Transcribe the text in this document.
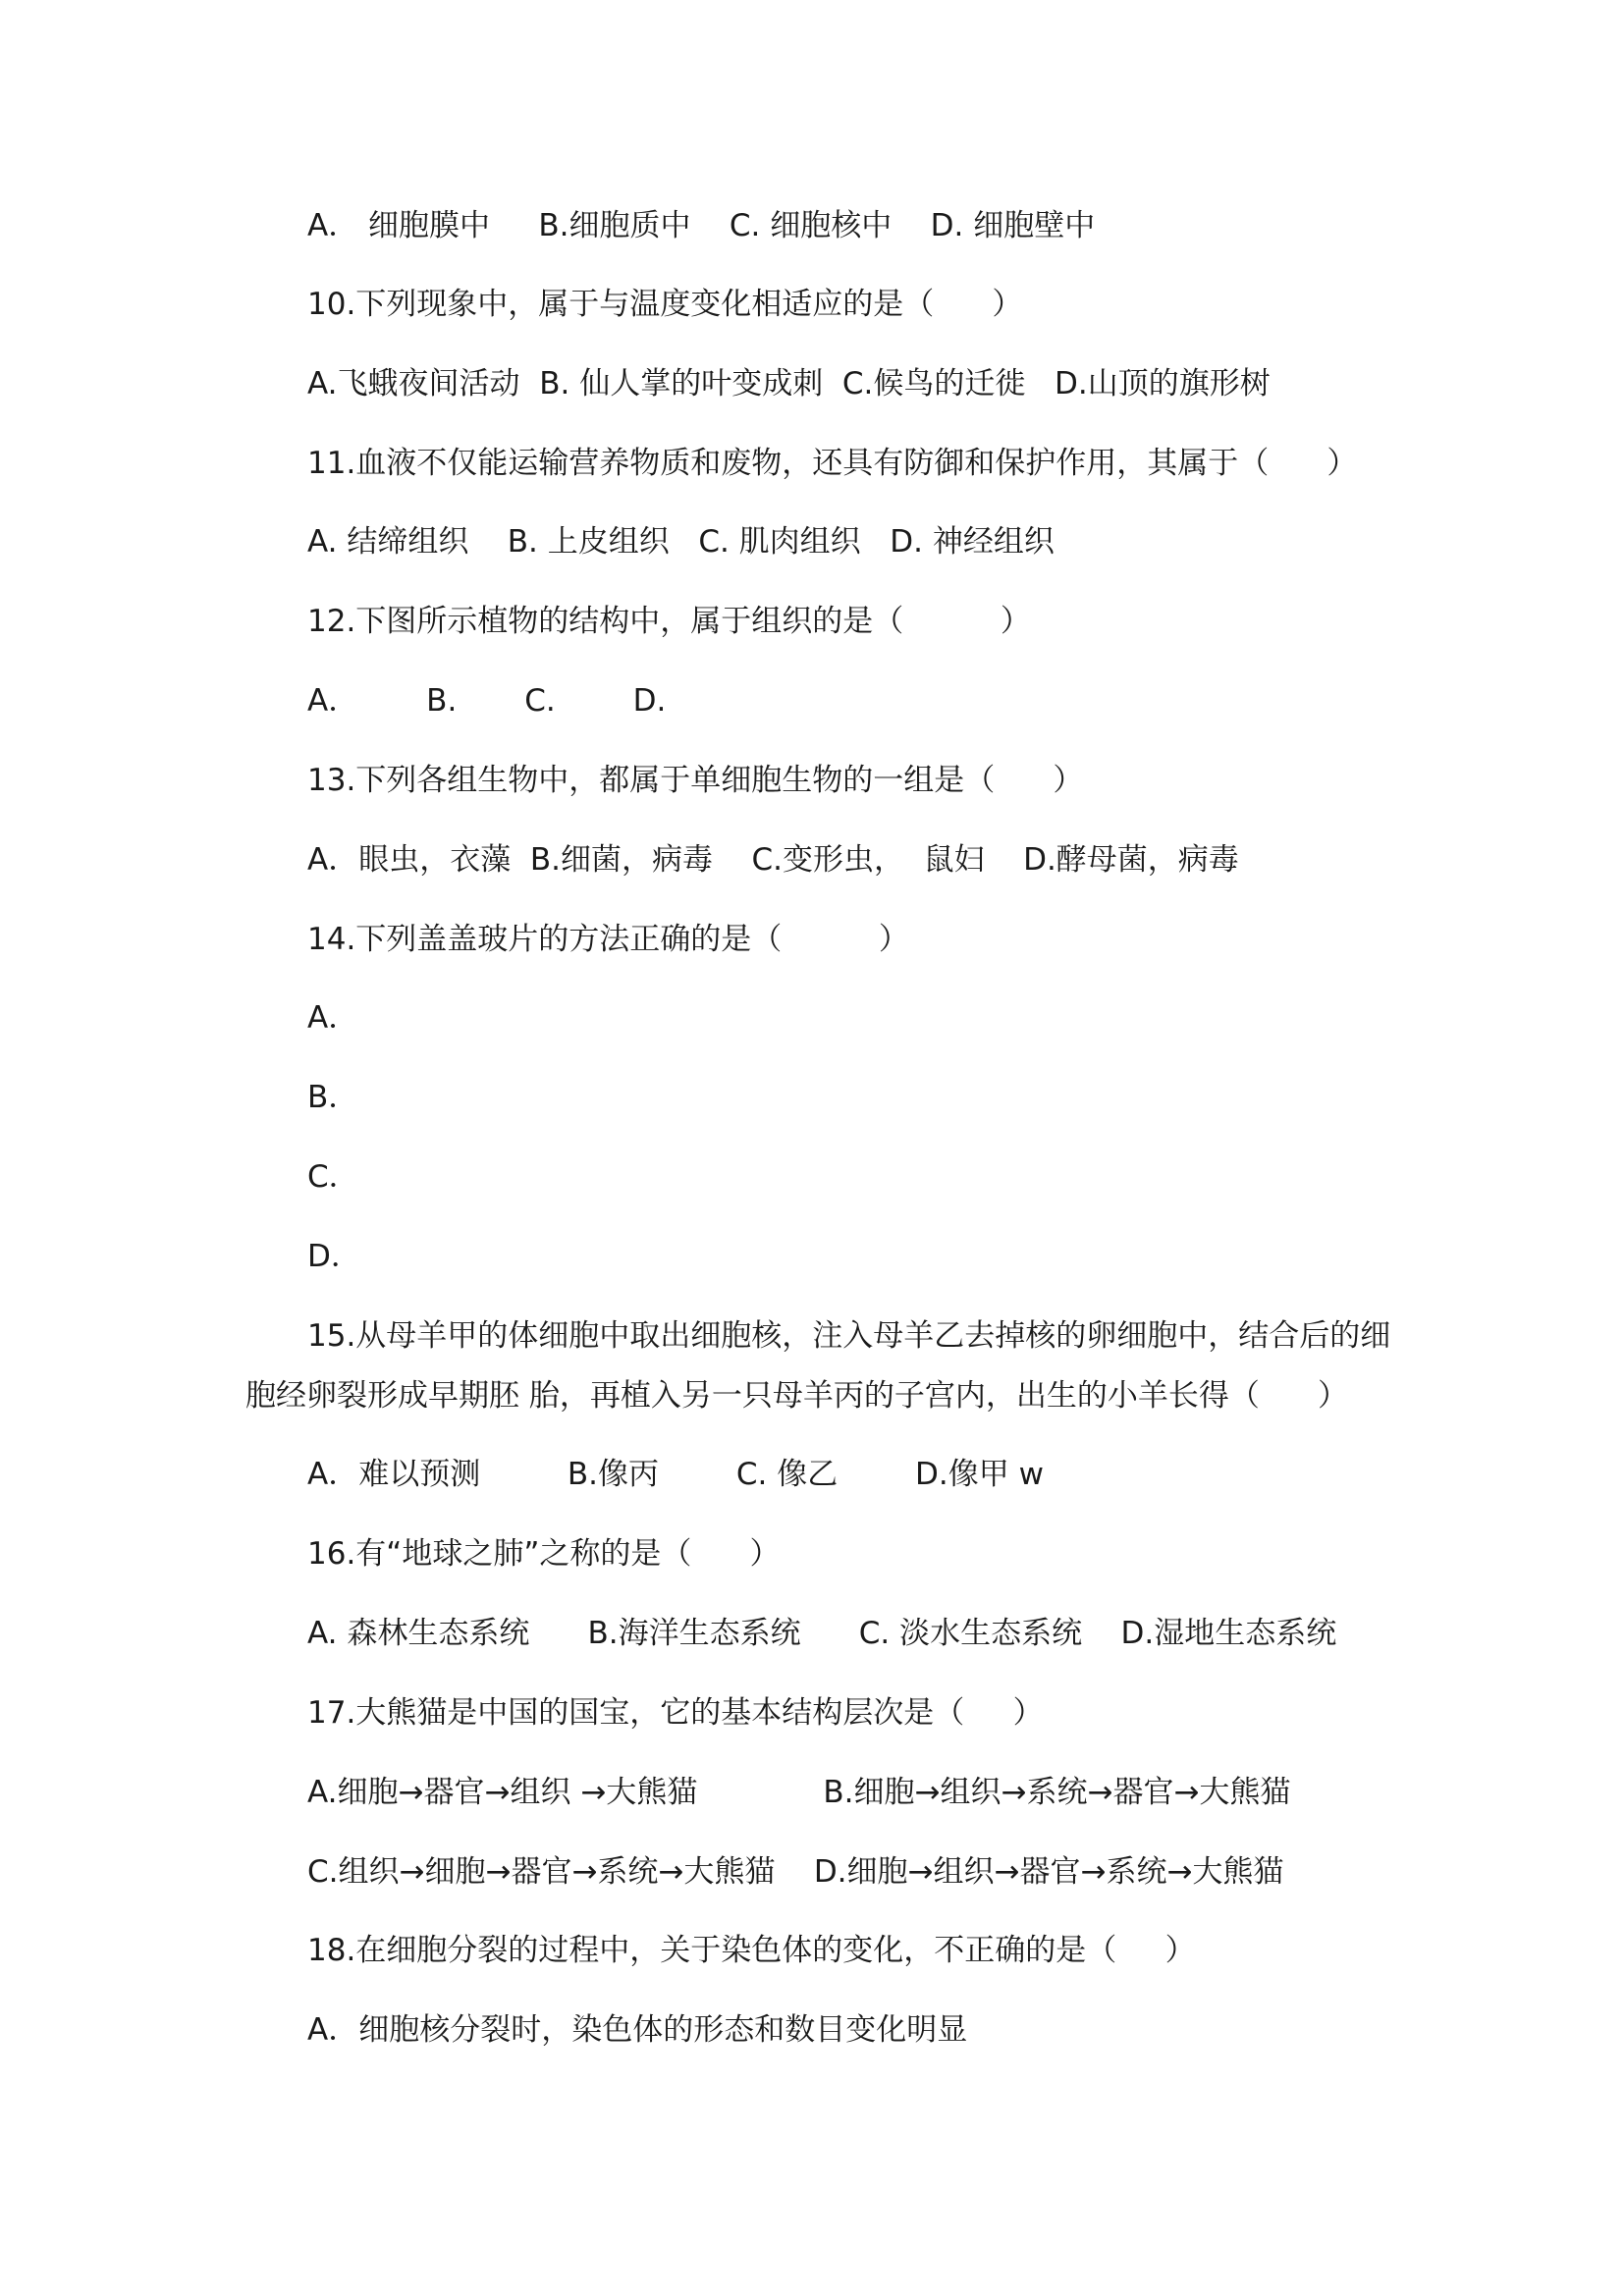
A． 细胞膜中     B.细胞质中    C. 细胞核中    D. 细胞壁中
10.下列现象中，属于与温度变化相适应的是（      ）
A.飞蛾夜间活动  B. 仙人掌的叶变成刺  C.候鸟的迁徙   D.山顶的旗形树
11.血液不仅能运输营养物质和废物，还具有防御和保护作用，其属于（      ）
A. 结缔组织    B. 上皮组织   C. 肌肉组织   D. 神经组织
12.下图所示植物的结构中，属于组织的是（          ）
A．       B.       C.        D.
13.下列各组生物中，都属于单细胞生物的一组是（      ）
A．眼虫，衣藻  B.细菌，病毒    C.变形虫，  鼠妇    D.酵母菌，病毒
14.下列盖盖玻片的方法正确的是（          ）
A．
B．
C．
D．
15.从母羊甲的体细胞中取出细胞核，注入母羊乙去掉核的卵细胞中，结合后的细
胞经卵裂形成早期胚 胎，再植入另一只母羊丙的子宫内，出生的小羊长得（      ）
A．难以预测         B.像丙        C. 像乙        D.像甲 w
16.有“地球之肺”之称的是（      ）
A. 森林生态系统      B.海洋生态系统      C. 淡水生态系统    D.湿地生态系统
17.大熊猫是中国的国宝，它的基本结构层次是（     ）
A.细胞→器官→组织 →大熊猫             B.细胞→组织→系统→器官→大熊猫
C.组织→细胞→器官→系统→大熊猫    D.细胞→组织→器官→系统→大熊猫
18.在细胞分裂的过程中，关于染色体的变化，不正确的是（     ）
A．细胞核分裂时，染色体的形态和数目变化明显
